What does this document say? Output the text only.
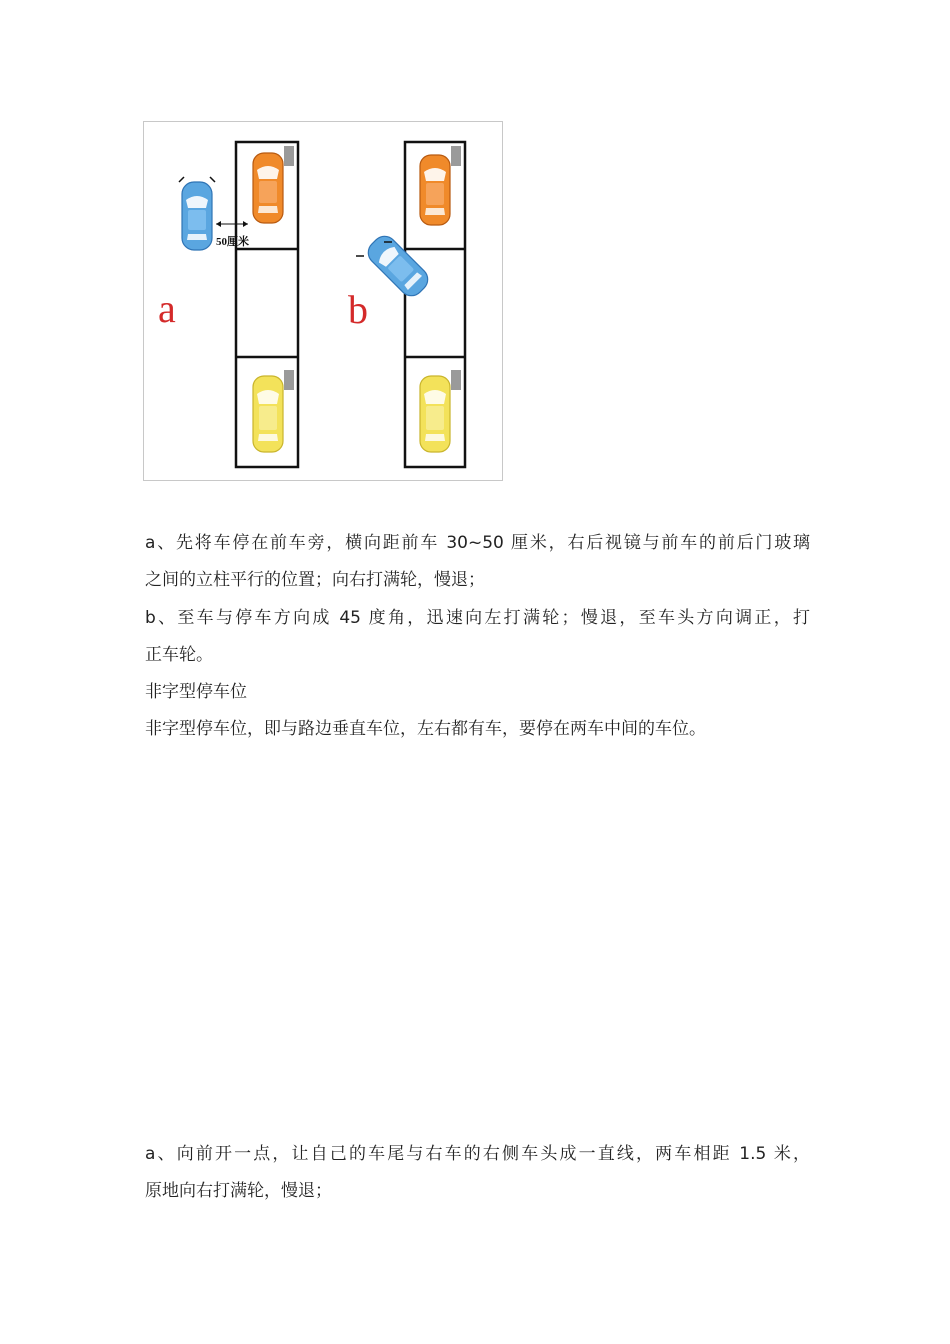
50厘米
a	b

a、先将车停在前车旁，横向距前车 30~50 厘米，右后视镜与前车的前后门玻璃
之间的立柱平行的位置；向右打满轮，慢退；

b、至车与停车方向成 45 度角，迅速向左打满轮；慢退，至车头方向调正，打
正车轮。

非字型停车位

非字型停车位，即与路边垂直车位，左右都有车，要停在两车中间的车位。

a、向前开一点，让自己的车尾与右车的右侧车头成一直线，两车相距 1.5 米，
原地向右打满轮，慢退；
